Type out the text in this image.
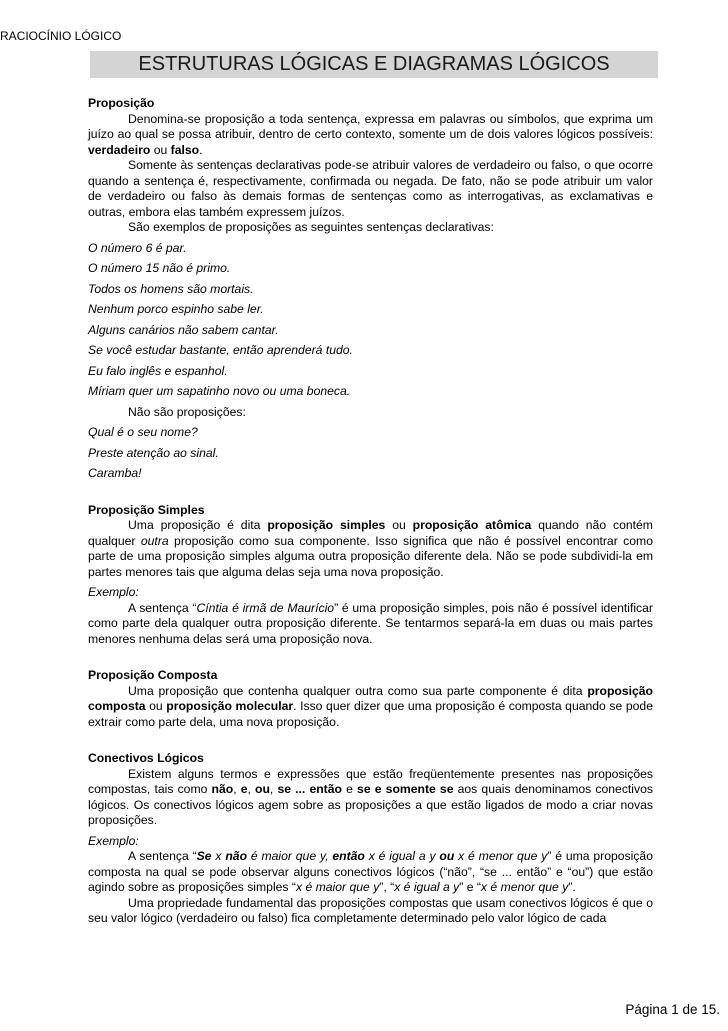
RACIOCÍNIO LÓGICO
ESTRUTURAS LÓGICAS E DIAGRAMAS LÓGICOS

Proposição

Denomina-se proposição a toda sentença, expressa em palavras ou símbolos, que exprima um juízo ao qual se possa atribuir, dentro de certo contexto, somente um de dois valores lógicos possíveis: verdadeiro ou falso.

Somente às sentenças declarativas pode-se atribuir valores de verdadeiro ou falso, o que ocorre quando a sentença é, respectivamente, confirmada ou negada. De fato, não se pode atribuir um valor de verdadeiro ou falso às demais formas de sentenças como as interrogativas, as exclamativas e outras, embora elas também expressem juízos.

São exemplos de proposições as seguintes sentenças declarativas:

O número 6 é par.

O número 15 não é primo.

Todos os homens são mortais.

Nenhum porco espinho sabe ler.

Alguns canários não sabem cantar.

Se você estudar bastante, então aprenderá tudo.

Eu falo inglês e espanhol.

Míriam quer um sapatinho novo ou uma boneca.

Não são proposições:

Qual é o seu nome?

Preste atenção ao sinal.

Caramba!

Proposição Simples

Uma proposição é dita proposição simples ou proposição atômica quando não contém qualquer outra proposição como sua componente. Isso significa que não é possível encontrar como parte de uma proposição simples alguma outra proposição diferente dela. Não se pode subdividi-la em partes menores tais que alguma delas seja uma nova proposição.

Exemplo:

A sentença “Cíntia é irmã de Maurício” é uma proposição simples, pois não é possível identificar como parte dela qualquer outra proposição diferente. Se tentarmos separá-la em duas ou mais partes menores nenhuma delas será uma proposição nova.

Proposição Composta

Uma proposição que contenha qualquer outra como sua parte componente é dita proposição composta ou proposição molecular. Isso quer dizer que uma proposição é composta quando se pode extrair como parte dela, uma nova proposição.

Conectivos Lógicos

Existem alguns termos e expressões que estão freqüentemente presentes nas proposições compostas, tais como não, e, ou, se ... então e se e somente se aos quais denominamos conectivos lógicos. Os conectivos lógicos agem sobre as proposições a que estão ligados de modo a criar novas proposições.

Exemplo:

A sentença “Se x não é maior que y, então x é igual a y ou x é menor que y” é uma proposição composta na qual se pode observar alguns conectivos lógicos (“não”, “se ... então” e “ou”) que estão agindo sobre as proposições simples “x é maior que y”, “x é igual a y” e “x é menor que y”.

Uma propriedade fundamental das proposições compostas que usam conectivos lógicos é que o seu valor lógico (verdadeiro ou falso) fica completamente determinado pelo valor lógico de cada

Página 1 de 15.
